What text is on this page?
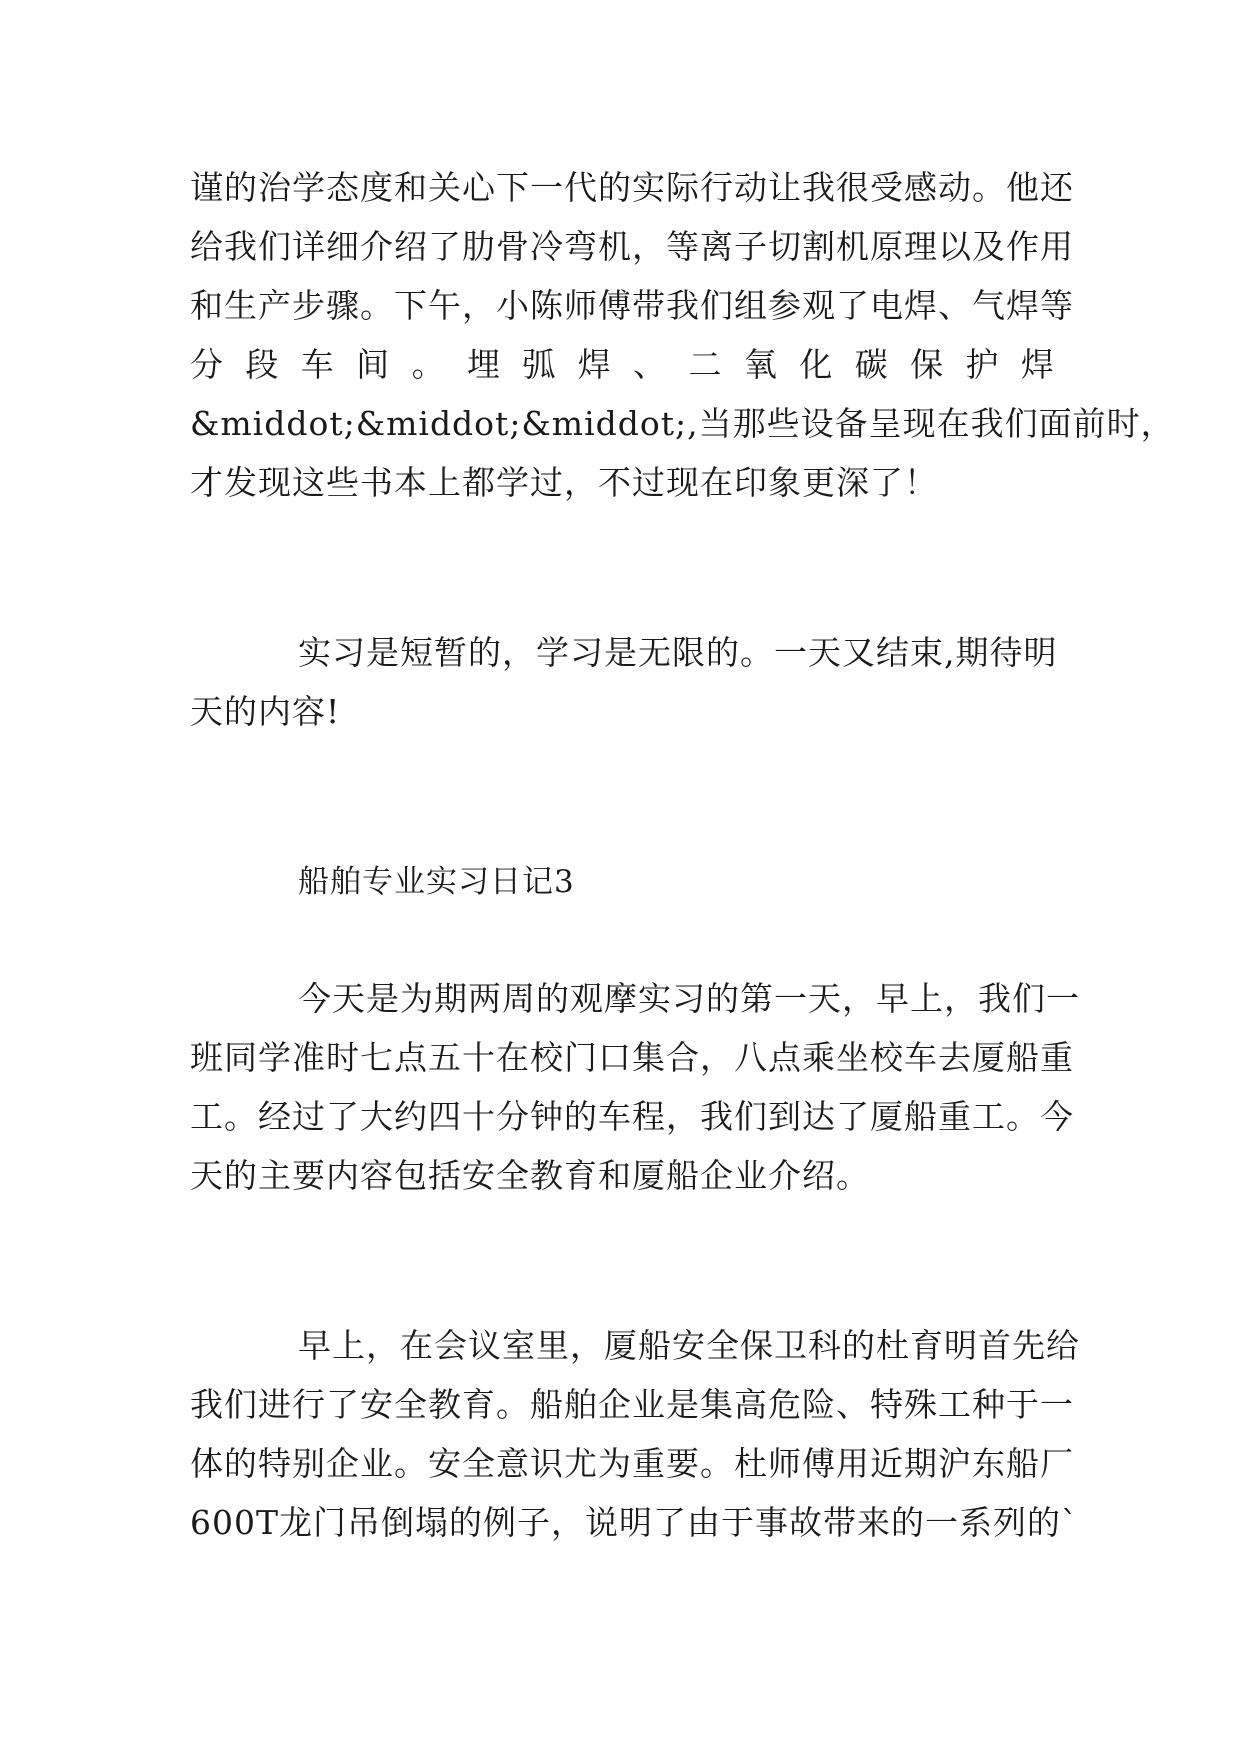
谨的治学态度和关心下一代的实际行动让我很受感动。他还
给我们详细介绍了肋骨冷弯机，等离子切割机原理以及作用
和生产步骤。下午，小陈师傅带我们组参观了电焊、气焊等
分 段 车 间 。 埋 弧 焊 、 二 氧 化 碳 保 护 焊
&middot;&middot;&middot;,当那些设备呈现在我们面前时，
才发现这些书本上都学过，不过现在印象更深了！
实习是短暂的，学习是无限的。一天又结束,期待明
天的内容!
船舶专业实习日记3
今天是为期两周的观摩实习的第一天，早上，我们一
班同学准时七点五十在校门口集合，八点乘坐校车去厦船重
工。经过了大约四十分钟的车程，我们到达了厦船重工。今
天的主要内容包括安全教育和厦船企业介绍。
早上，在会议室里，厦船安全保卫科的杜育明首先给
我们进行了安全教育。船舶企业是集高危险、特殊工种于一
体的特别企业。安全意识尤为重要。杜师傅用近期沪东船厂
600T龙门吊倒塌的例子，说明了由于事故带来的一系列的`
